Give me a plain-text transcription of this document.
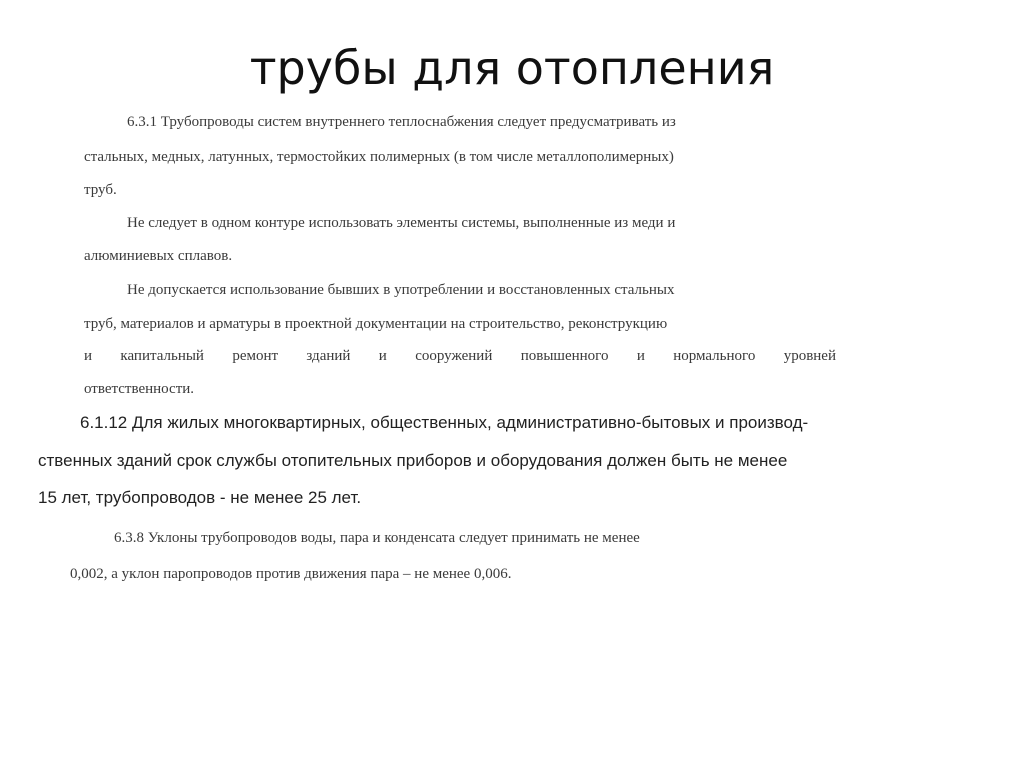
трубы для отопления
6.3.1 Трубопроводы систем внутреннего теплоснабжения следует предусматривать из
стальных, медных, латунных, термостойких полимерных (в том числе металлополимерных)
труб.
Не следует в одном контуре использовать элементы системы, выполненные из меди и
алюминиевых сплавов.
Не допускается использование бывших в употреблении и восстановленных стальных
труб, материалов и арматуры в проектной документации на строительство, реконструкцию
и капитальный ремонт зданий и сооружений повышенного и нормального уровней
ответственности.
6.1.12 Для жилых многоквартирных, общественных, административно-бытовых и производ-
ственных зданий срок службы отопительных приборов и оборудования должен быть не менее
15 лет, трубопроводов - не менее 25 лет.
6.3.8 Уклоны трубопроводов воды, пара и конденсата следует принимать не менее
0,002, а уклон паропроводов против движения пара – не менее 0,006.
